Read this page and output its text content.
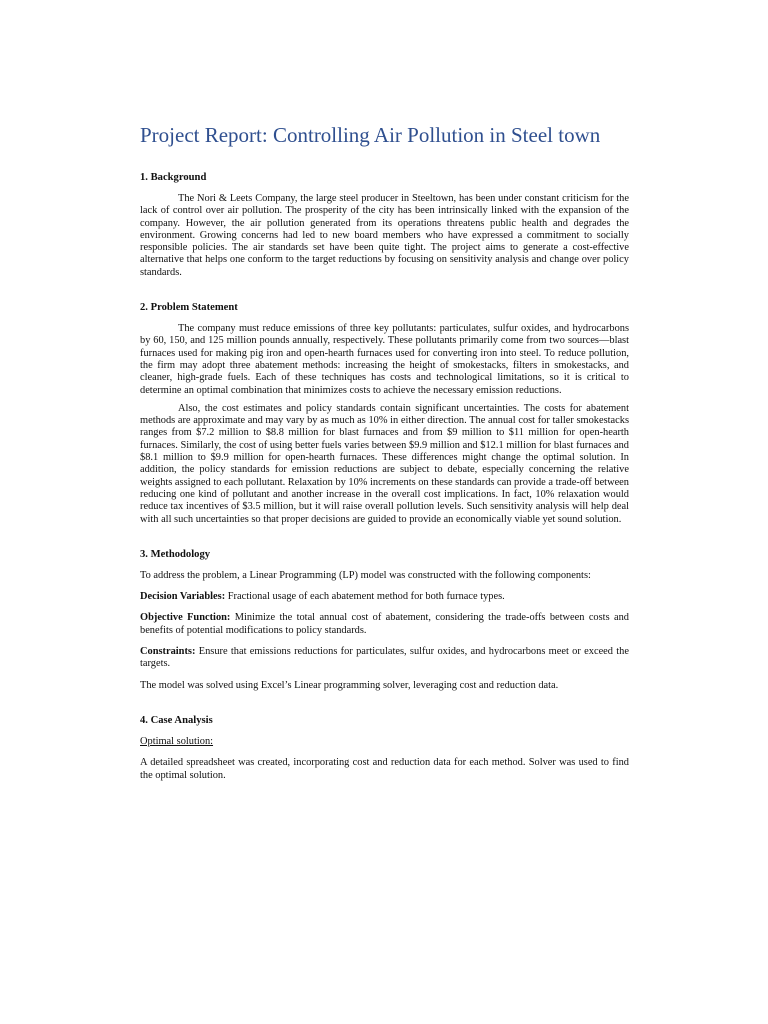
Project Report: Controlling Air Pollution in Steel town
1. Background

The Nori & Leets Company, the large steel producer in Steeltown, has been under constant criticism for the lack of control over air pollution. The prosperity of the city has been intrinsically linked with the expansion of the company. However, the air pollution generated from its operations threatens public health and degrades the environment. Growing concerns had led to new board members who have expressed a commitment to socially responsible policies. The air standards set have been quite tight. The project aims to generate a cost-effective alternative that helps one conform to the target reductions by focusing on sensitivity analysis and change over policy standards.

2. Problem Statement

The company must reduce emissions of three key pollutants: particulates, sulfur oxides, and hydrocarbons by 60, 150, and 125 million pounds annually, respectively. These pollutants primarily come from two sources—blast furnaces used for making pig iron and open-hearth furnaces used for converting iron into steel. To reduce pollution, the firm may adopt three abatement methods: increasing the height of smokestacks, filters in smokestacks, and cleaner, high-grade fuels. Each of these techniques has costs and technological limitations, so it is critical to determine an optimal combination that minimizes costs to achieve the necessary emission reductions.

Also, the cost estimates and policy standards contain significant uncertainties. The costs for abatement methods are approximate and may vary by as much as 10% in either direction. The annual cost for taller smokestacks ranges from $7.2 million to $8.8 million for blast furnaces and from $9 million to $11 million for open-hearth furnaces. Similarly, the cost of using better fuels varies between $9.9 million and $12.1 million for blast furnaces and $8.1 million to $9.9 million for open-hearth furnaces. These differences might change the optimal solution. In addition, the policy standards for emission reductions are subject to debate, especially concerning the relative weights assigned to each pollutant. Relaxation by 10% increments on these standards can provide a trade-off between reducing one kind of pollutant and another increase in the overall cost implications. In fact, 10% relaxation would reduce tax incentives of $3.5 million, but it will raise overall pollution levels. Such sensitivity analysis will help deal with all such uncertainties so that proper decisions are guided to provide an economically viable yet sound solution.

3. Methodology

To address the problem, a Linear Programming (LP) model was constructed with the following components:

Decision Variables: Fractional usage of each abatement method for both furnace types.

Objective Function: Minimize the total annual cost of abatement, considering the trade-offs between costs and benefits of potential modifications to policy standards.

Constraints: Ensure that emissions reductions for particulates, sulfur oxides, and hydrocarbons meet or exceed the targets.

The model was solved using Excel’s Linear programming solver, leveraging cost and reduction data.

4. Case Analysis

Optimal solution:

A detailed spreadsheet was created, incorporating cost and reduction data for each method. Solver was used to find the optimal solution.
